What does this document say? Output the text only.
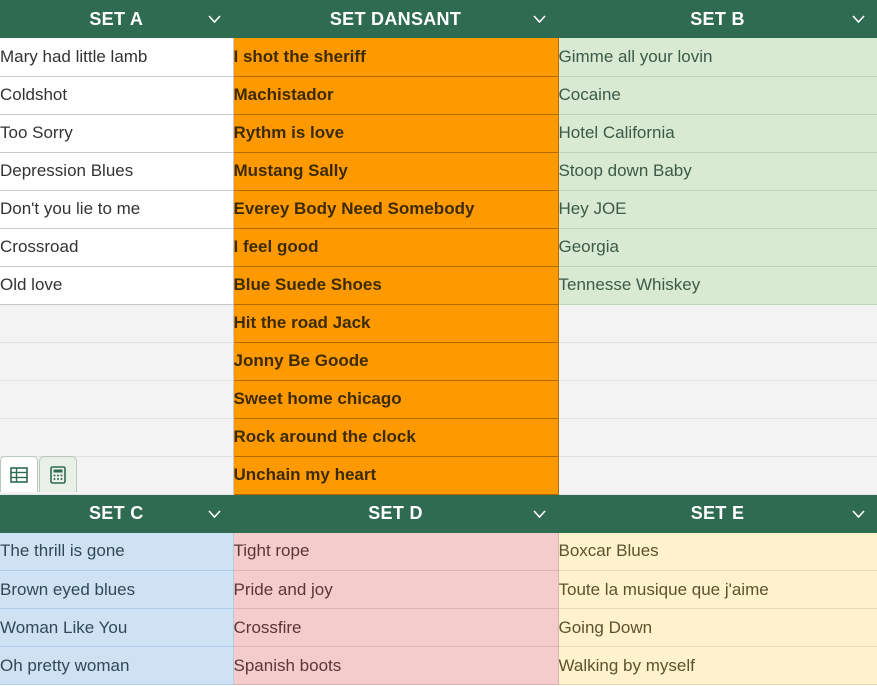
SET A	SET DANSANT	SET B

Mary had little lamb	I shot the sheriff	Gimme all your lovin
Coldshot	Machistador	Cocaine
Too Sorry	Rythm is love	Hotel California
Depression Blues	Mustang Sally	Stoop down Baby
Don't you lie to me	Everey Body Need Somebody	Hey JOE
Crossroad	I feel good	Georgia
Old love	Blue Suede Shoes	Tennesse Whiskey
	Hit the road Jack	
	Jonny Be Goode	
	Sweet home chicago	
	Rock around the clock	
	Unchain my heart	
SET C	SET D	SET E

The thrill is gone	Tight rope	Boxcar Blues
Brown eyed blues	Pride and joy	Toute la musique que j'aime
Woman Like You	Crossfire	Going Down
Oh pretty woman	Spanish boots	Walking by myself
